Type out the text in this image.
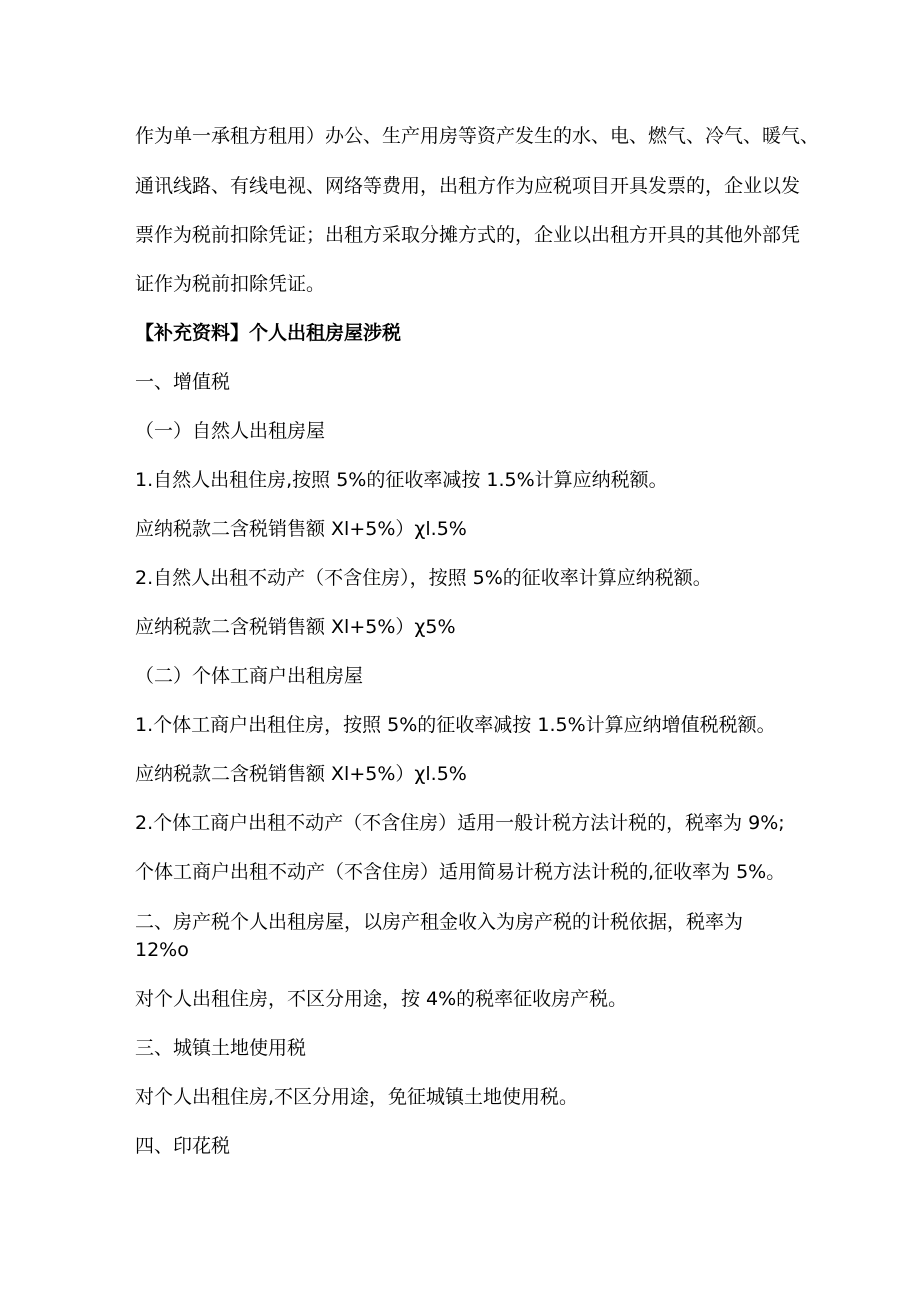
作为单一承租方租用）办公、生产用房等资产发生的水、电、燃气、冷气、暖气、
通讯线路、有线电视、网络等费用，出租方作为应税项目开具发票的，企业以发
票作为税前扣除凭证；出租方采取分摊方式的，企业以出租方开具的其他外部凭
证作为税前扣除凭证。
【补充资料】个人出租房屋涉税
一、增值税
（一）自然人出租房屋
1.自然人出租住房,按照 5%的征收率减按 1.5%计算应纳税额。
应纳税款二含税销售额 Xl+5%）χl.5%
2.自然人出租不动产（不含住房），按照 5%的征收率计算应纳税额。
应纳税款二含税销售额 Xl+5%）χ5%
（二）个体工商户出租房屋
1.个体工商户出租住房，按照 5%的征收率减按 1.5%计算应纳增值税税额。
应纳税款二含税销售额 Xl+5%）χl.5%
2.个体工商户出租不动产（不含住房）适用一般计税方法计税的，税率为 9%;
个体工商户出租不动产（不含住房）适用简易计税方法计税的,征收率为 5%。
二、房产税个人出租房屋，以房产租金收入为房产税的计税依据，税率为
12%o
对个人出租住房，不区分用途，按 4%的税率征收房产税。
三、城镇土地使用税
对个人出租住房,不区分用途，免征城镇土地使用税。
四、印花税
